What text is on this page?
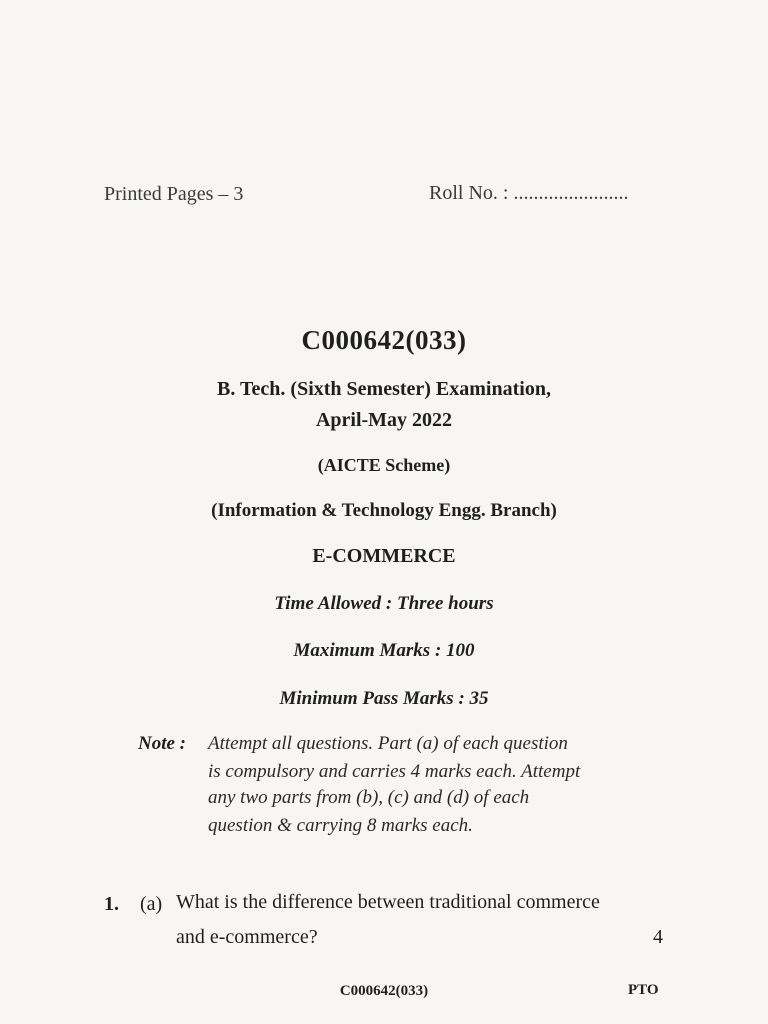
Printed Pages – 3	Roll No. : .......................
C000642(033)
B. Tech. (Sixth Semester) Examination,
April-May 2022
(AICTE Scheme)
(Information & Technology Engg. Branch)
E-COMMERCE
Time Allowed : Three hours
Maximum Marks : 100
Minimum Pass Marks : 35
Note : Attempt all questions. Part (a) of each question
is compulsory and carries 4 marks each. Attempt
any two parts from (b), (c) and (d) of each
question & carrying 8 marks each.
1. (a) What is the difference between traditional commerce
and e-commerce?	4
C000642(033)	PTO
